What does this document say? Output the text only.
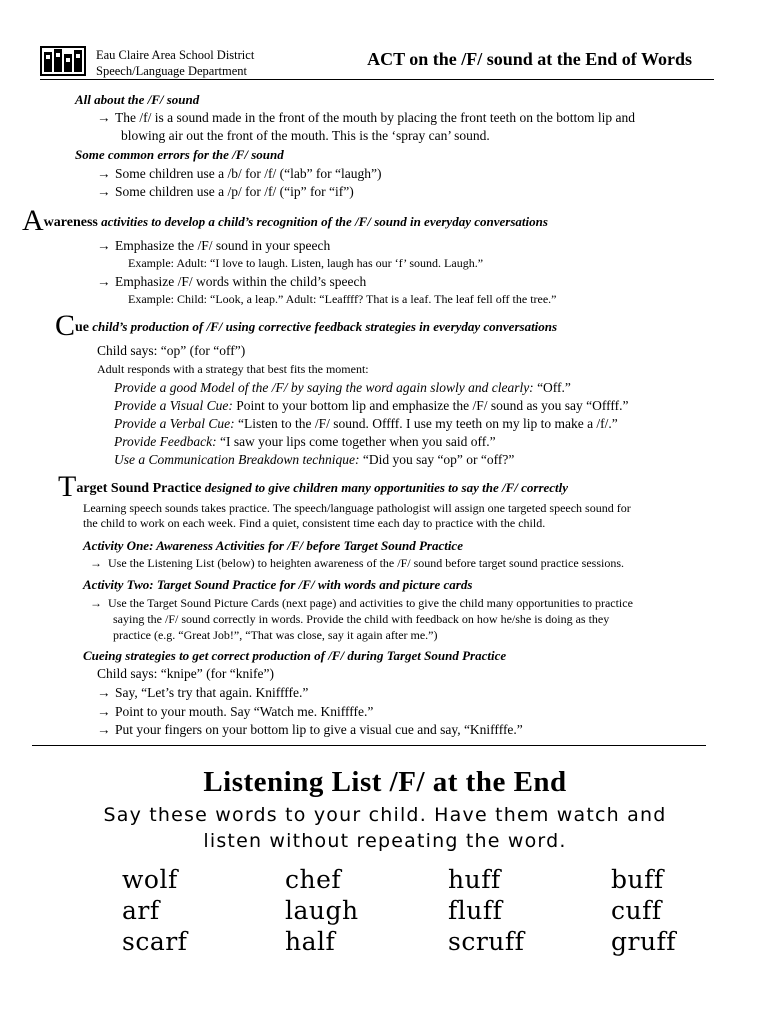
Eau Claire Area School District
Speech/Language Department
ACT on the /F/ sound at the End of Words
All about the /F/ sound
→ The /f/ is a sound made in the front of the mouth by placing the front teeth on the bottom lip and
blowing air out the front of the mouth. This is the ‘spray can’ sound.
Some common errors for the /F/ sound
→ Some children use a /b/ for /f/ (“lab” for “laugh”)
→ Some children use a /p/ for /f/ (“ip” for “if”)
Awareness activities to develop a child’s recognition of the /F/ sound in everyday conversations
→ Emphasize the /F/ sound in your speech
Example: Adult: “I love to laugh. Listen, laugh has our ‘f’ sound. Laugh.”
→ Emphasize /F/ words within the child’s speech
Example: Child: “Look, a leap.” Adult: “Leaffff? That is a leaf. The leaf fell off the tree.”
Cue child’s production of /F/ using corrective feedback strategies in everyday conversations
Child says: “op” (for “off”)
Adult responds with a strategy that best fits the moment:
Provide a good Model of the /F/ by saying the word again slowly and clearly: “Off.”
Provide a Visual Cue: Point to your bottom lip and emphasize the /F/ sound as you say “Offff.”
Provide a Verbal Cue: “Listen to the /F/ sound. Offff. I use my teeth on my lip to make a /f/.”
Provide Feedback: “I saw your lips come together when you said off.”
Use a Communication Breakdown technique: “Did you say “op” or “off?”
Target Sound Practice designed to give children many opportunities to say the /F/ correctly
Learning speech sounds takes practice. The speech/language pathologist will assign one targeted speech sound for
the child to work on each week. Find a quiet, consistent time each day to practice with the child.
Activity One: Awareness Activities for /F/ before Target Sound Practice
→ Use the Listening List (below) to heighten awareness of the /F/ sound before target sound practice sessions.
Activity Two: Target Sound Practice for /F/ with words and picture cards
→ Use the Target Sound Picture Cards (next page) and activities to give the child many opportunities to practice
saying the /F/ sound correctly in words. Provide the child with feedback on how he/she is doing as they
practice (e.g. “Great Job!”, “That was close, say it again after me.”)
Cueing strategies to get correct production of /F/ during Target Sound Practice
Child says: “knipe” (for “knife”)
→ Say, “Let’s try that again. Kniffffe.”
→ Point to your mouth. Say “Watch me. Kniffffe.”
→ Put your fingers on your bottom lip to give a visual cue and say, “Kniffffe.”
Listening List /F/ at the End
Say these words to your child. Have them watch and
listen without repeating the word.
wolf	chef	huff	buff
arf	laugh	fluff	cuff
scarf	half	scruff	gruff
